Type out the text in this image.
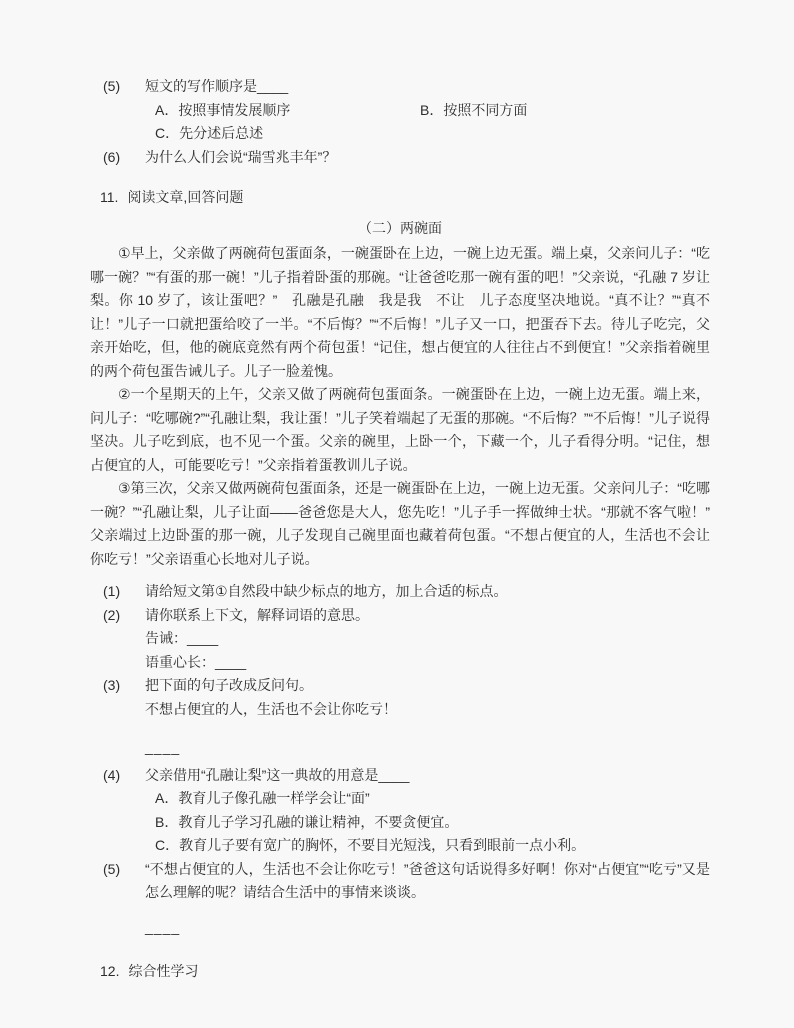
(5)	短文的写作顺序是____
A．按照事情发展顺序	B．按照不同方面
C．先分述后总述
(6)	为什么人们会说“瑞雪兆丰年”？
11. 阅读文章,回答问题
（二）两碗面

①早上，父亲做了两碗荷包蛋面条，一碗蛋卧在上边，一碗上边无蛋。端上桌，父亲问儿子：“吃哪一碗？”“有蛋的那一碗！”儿子指着卧蛋的那碗。“让爸爸吃那一碗有蛋的吧！”父亲说，“孔融 7 岁让梨。你 10 岁了，该让蛋吧？”　孔融是孔融　我是我　不让　儿子态度坚决地说。“真不让？”“真不让！”儿子一口就把蛋给咬了一半。“不后悔？”“不后悔！”儿子又一口，把蛋吞下去。待儿子吃完，父亲开始吃，但，他的碗底竟然有两个荷包蛋！“记住，想占便宜的人往往占不到便宜！”父亲指着碗里的两个荷包蛋告诫儿子。儿子一脸羞愧。

②一个星期天的上午，父亲又做了两碗荷包蛋面条。一碗蛋卧在上边，一碗上边无蛋。端上来，问儿子：“吃哪碗?”“孔融让梨，我让蛋！”儿子笑着端起了无蛋的那碗。“不后悔？”“不后悔！”儿子说得坚决。儿子吃到底，也不见一个蛋。父亲的碗里，上卧一个，下藏一个，儿子看得分明。“记住，想占便宜的人，可能要吃亏！”父亲指着蛋教训儿子说。

③第三次，父亲又做两碗荷包蛋面条，还是一碗蛋卧在上边，一碗上边无蛋。父亲问儿子：“吃哪一碗？”“孔融让梨，儿子让面——爸爸您是大人，您先吃！”儿子手一挥做绅士状。“那就不客气啦！”父亲端过上边卧蛋的那一碗，儿子发现自己碗里面也藏着荷包蛋。“不想占便宜的人，生活也不会让你吃亏！”父亲语重心长地对儿子说。

(1)	请给短文第①自然段中缺少标点的地方，加上合适的标点。
(2)	请你联系上下文，解释词语的意思。
告诫：____
语重心长：____
(3)	把下面的句子改成反问句。
不想占便宜的人，生活也不会让你吃亏！
____
(4)	父亲借用“孔融让梨”这一典故的用意是____
A．教育儿子像孔融一样学会让“面”
B．教育儿子学习孔融的谦让精神，不要贪便宜。
C．教育儿子要有宽广的胸怀，不要目光短浅，只看到眼前一点小利。
(5)	“不想占便宜的人，生活也不会让你吃亏！”爸爸这句话说得多好啊！你对“占便宜”“吃亏”又是怎么理解的呢？请结合生活中的事情来谈谈。
____
12. 综合性学习
